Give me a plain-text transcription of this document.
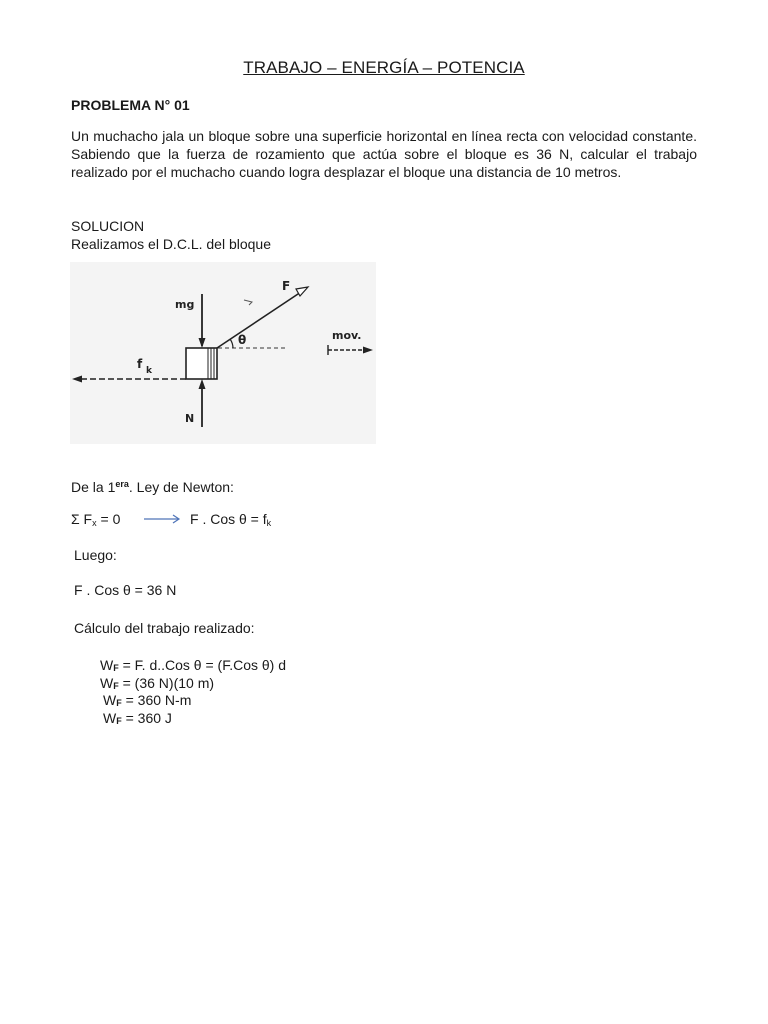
TRABAJO – ENERGÍA – POTENCIA
PROBLEMA N° 01
Un muchacho jala un bloque sobre una superficie horizontal en línea recta con velocidad constante. Sabiendo que la fuerza de rozamiento que actúa sobre el bloque es 36 N, calcular el trabajo realizado por el muchacho cuando logra desplazar el bloque una distancia de 10 metros.
SOLUCION
Realizamos el D.C.L. del bloque
mg
F
θ	mov.
f k
N
De la $1^{era}$. Ley de Newton:
Σ $F_x = 0$	F . Cos $\theta = f_k$
Luego:
F . Cos θ = 36 N
Cálculo del trabajo realizado:
WF = F. d..Cos θ = (F.Cos θ) d
WF = (36 N)(10 m)
WF = 360 N-m
WF = 360 J
